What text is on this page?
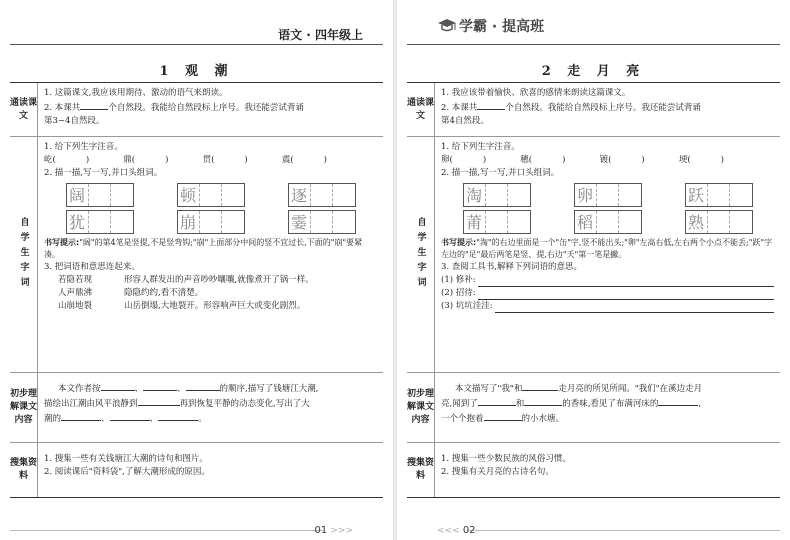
语文 · 四年级上
1 观 潮
通读课文
1. 这篇课文,我应该用期待、激动的语气来朗读。
2. 本课共	个自然段。我能给自然段标上序号。我还能尝试背诵
第3~4自然段。
自学生字词
1. 给下列生字注音。
屹(	)	鼎(	)	贯(	)	震(	)
2. 描一描,写一写,并口头组词。
阔	顿	逐
犹	崩	霎
书写提示:"阔"的第4笔是竖提,不是竖弯钩;"崩"上面部分中间的竖不宜过长,下面的"崩"要紧凑。
3. 把词语和意思连起来。
若隐若现	形容人群发出的声音吵吵嚷嚷,就像煮开了锅一样。
人声鼎沸	隐隐约约,看不清楚。
山崩地裂	山岳倒塌,大地裂开。形容响声巨大或变化剧烈。
初步理解课文内容
本文作者按	、	、	的顺序,描写了钱塘江大潮,
描绘出江潮由风平浪静到	再到恢复平静的动态变化,写出了大
潮的	、	、	。
搜集资料
1. 搜集一些有关钱塘江大潮的诗句和图片。
2. 阅读课后"资料袋",了解大潮形成的原因。
01 >>>
学霸 · 提高班
2 走 月 亮
通读课文
1. 我应该带着愉快、欣喜的感情来朗读这篇课文。
2. 本课共	个自然段。我能给自然段标上序号。我还能尝试背诵
第4自然段。
自学生字词
1. 给下列生字注音。
卵(	)	穗(	)	镀(	)	埂(	)
2. 描一描,写一写,并口头组词。
淘	卵	跃
莆	稻	熟
书写提示:"淘"的右边里面是一个"缶"字,竖不能出头;"卵"左高右低,左右两个小点不能丢;"跃"字左边的"足"最后两笔是竖、提,右边"夭"第一笔是撇。
3. 查阅工具书,解释下列词语的意思。
(1) 修补:
(2) 招待:
(3) 坑坑洼洼:
初步理解课文内容
本文描写了"我"和	走月亮的所见所闻。"我们"在溪边走月
亮,闻到了	和	的香味,看见了布满河床的	,
一个个抱着	的小水塘。
搜集资料
1. 搜集一些少数民族的风俗习惯。
2. 搜集有关月亮的古诗名句。
<<< 02
